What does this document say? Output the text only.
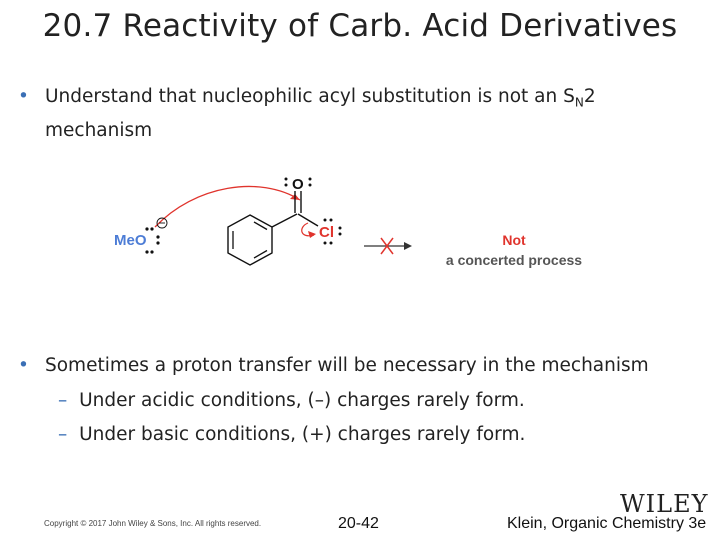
20.7 Reactivity of Carb. Acid Derivatives
• Understand that nucleophilic acyl substitution is not an $S_N2$
mechanism
MeO
O
Cl	Not
a concerted process
• Sometimes a proton transfer will be necessary in the mechanism
– Under acidic conditions, (–) charges rarely form.
– Under basic conditions, (+) charges rarely form.
WILEY
Copyright © 2017 John Wiley & Sons, Inc. All rights reserved.	20-42	Klein, Organic Chemistry 3e
